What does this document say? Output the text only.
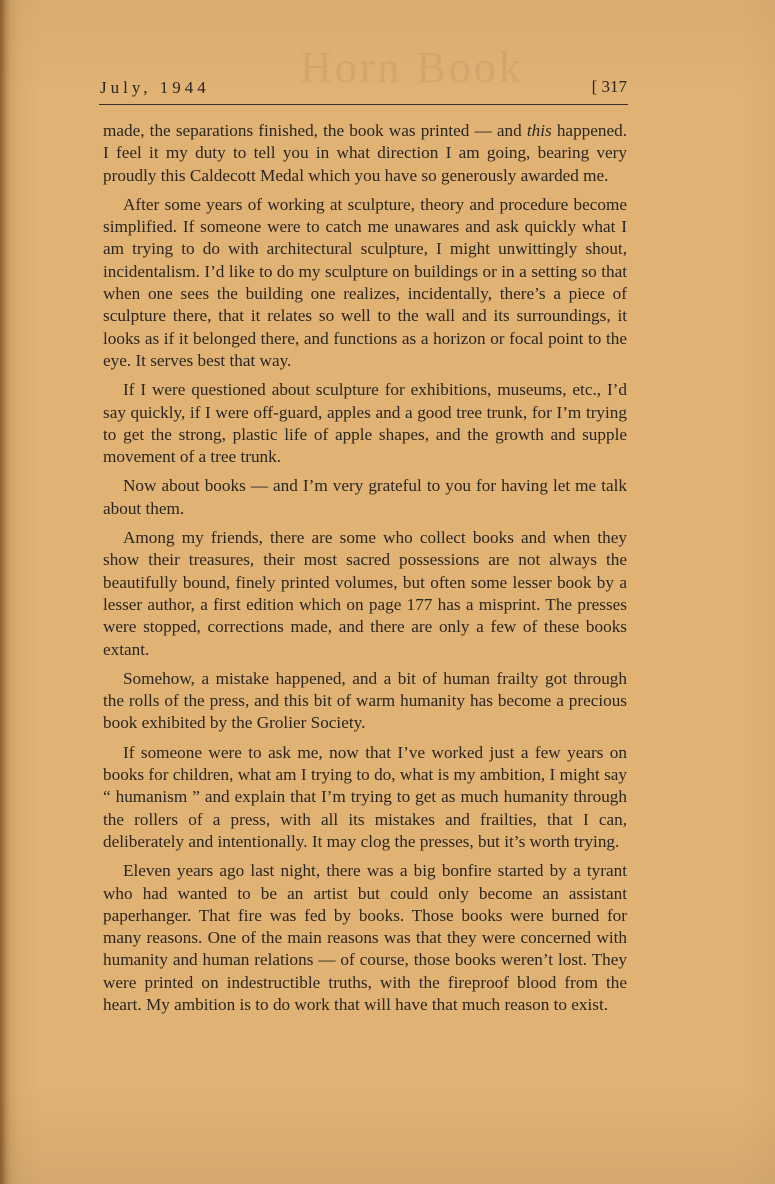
Horn Book
July, 1944	[ 317

made, the separations finished, the book was printed — and this happened. I feel it my duty to tell you in what direction I am going, bearing very proudly this Caldecott Medal which you have so generously awarded me.

After some years of working at sculpture, theory and procedure become simplified. If someone were to catch me unawares and ask quickly what I am trying to do with architectural sculpture, I might unwittingly shout, incidentalism. I’d like to do my sculpture on buildings or in a setting so that when one sees the building one realizes, incidentally, there’s a piece of sculpture there, that it relates so well to the wall and its surroundings, it looks as if it belonged there, and functions as a horizon or focal point to the eye. It serves best that way.

If I were questioned about sculpture for exhibitions, museums, etc., I’d say quickly, if I were off-guard, apples and a good tree trunk, for I’m trying to get the strong, plastic life of apple shapes, and the growth and supple movement of a tree trunk.

Now about books — and I’m very grateful to you for having let me talk about them.

Among my friends, there are some who collect books and when they show their treasures, their most sacred possessions are not always the beautifully bound, finely printed volumes, but often some lesser book by a lesser author, a first edition which on page 177 has a misprint. The presses were stopped, corrections made, and there are only a few of these books extant.

Somehow, a mistake happened, and a bit of human frailty got through the rolls of the press, and this bit of warm humanity has become a precious book exhibited by the Grolier Society.

If someone were to ask me, now that I’ve worked just a few years on books for children, what am I trying to do, what is my ambition, I might say “ humanism ” and explain that I’m trying to get as much humanity through the rollers of a press, with all its mistakes and frailties, that I can, deliberately and intentionally. It may clog the presses, but it’s worth trying.

Eleven years ago last night, there was a big bonfire started by a tyrant who had wanted to be an artist but could only become an assistant paperhanger. That fire was fed by books. Those books were burned for many reasons. One of the main reasons was that they were concerned with humanity and human relations — of course, those books weren’t lost. They were printed on indestructible truths, with the fireproof blood from the heart. My ambition is to do work that will have that much reason to exist.
